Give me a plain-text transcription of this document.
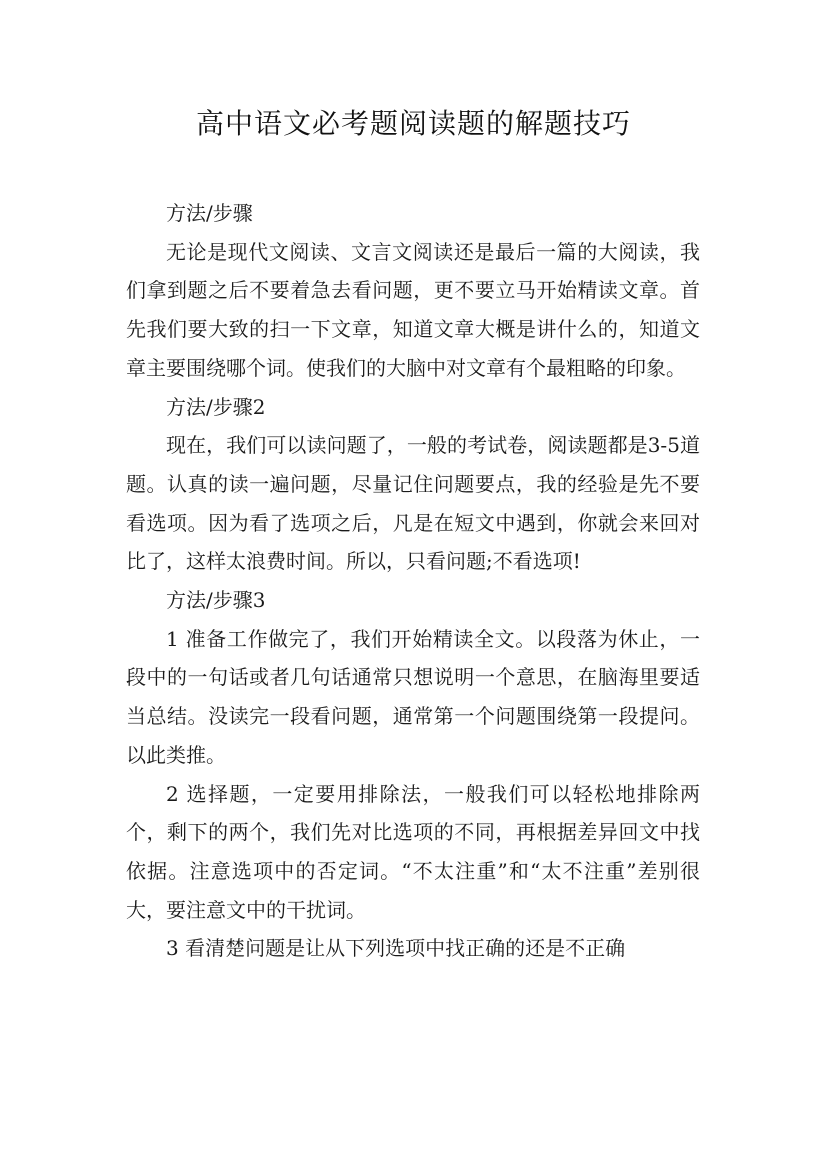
高中语文必考题阅读题的解题技巧

方法/步骤

无论是现代文阅读、文言文阅读还是最后一篇的大阅读，我们拿到题之后不要着急去看问题，更不要立马开始精读文章。首先我们要大致的扫一下文章，知道文章大概是讲什么的，知道文章主要围绕哪个词。使我们的大脑中对文章有个最粗略的印象。

方法/步骤2

现在，我们可以读问题了，一般的考试卷，阅读题都是3-5道题。认真的读一遍问题，尽量记住问题要点，我的经验是先不要看选项。因为看了选项之后，凡是在短文中遇到，你就会来回对比了，这样太浪费时间。所以，只看问题;不看选项!

方法/步骤3

1 准备工作做完了，我们开始精读全文。以段落为休止，一段中的一句话或者几句话通常只想说明一个意思，在脑海里要适当总结。没读完一段看问题，通常第一个问题围绕第一段提问。以此类推。

2 选择题，一定要用排除法，一般我们可以轻松地排除两个，剩下的两个，我们先对比选项的不同，再根据差异回文中找依据。注意选项中的否定词。“不太注重”和“太不注重”差别很大，要注意文中的干扰词。

3 看清楚问题是让从下列选项中找正确的还是不正确
